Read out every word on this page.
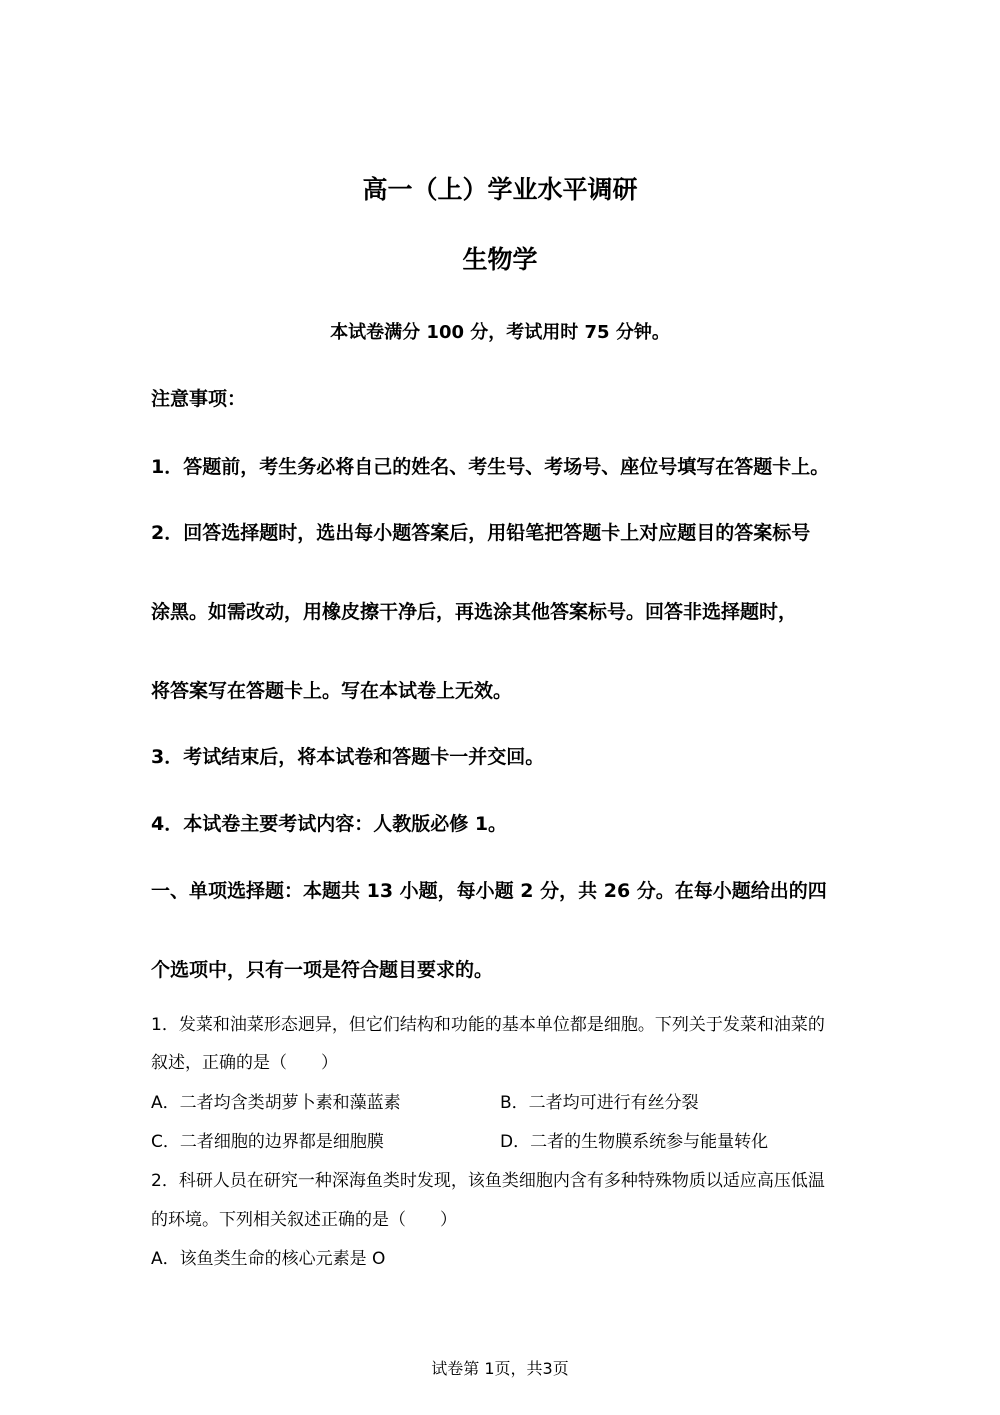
高一（上）学业水平调研
生物学
本试卷满分 100 分，考试用时 75 分钟。
注意事项：
1．答题前，考生务必将自己的姓名、考生号、考场号、座位号填写在答题卡上。
2．回答选择题时，选出每小题答案后，用铅笔把答题卡上对应题目的答案标号
涂黑。如需改动，用橡皮擦干净后，再选涂其他答案标号。回答非选择题时，
将答案写在答题卡上。写在本试卷上无效。
3．考试结束后，将本试卷和答题卡一并交回。
4．本试卷主要考试内容：人教版必修 1。
一、单项选择题：本题共 13 小题，每小题 2 分，共 26 分。在每小题给出的四
个选项中，只有一项是符合题目要求的。
1．发菜和油菜形态迥异，但它们结构和功能的基本单位都是细胞。下列关于发菜和油菜的
叙述，正确的是（　　）
A．二者均含类胡萝卜素和藻蓝素	B．二者均可进行有丝分裂
C．二者细胞的边界都是细胞膜	D．二者的生物膜系统参与能量转化
2．科研人员在研究一种深海鱼类时发现，该鱼类细胞内含有多种特殊物质以适应高压低温
的环境。下列相关叙述正确的是（　　）
A．该鱼类生命的核心元素是 O
试卷第 1页，共3页
